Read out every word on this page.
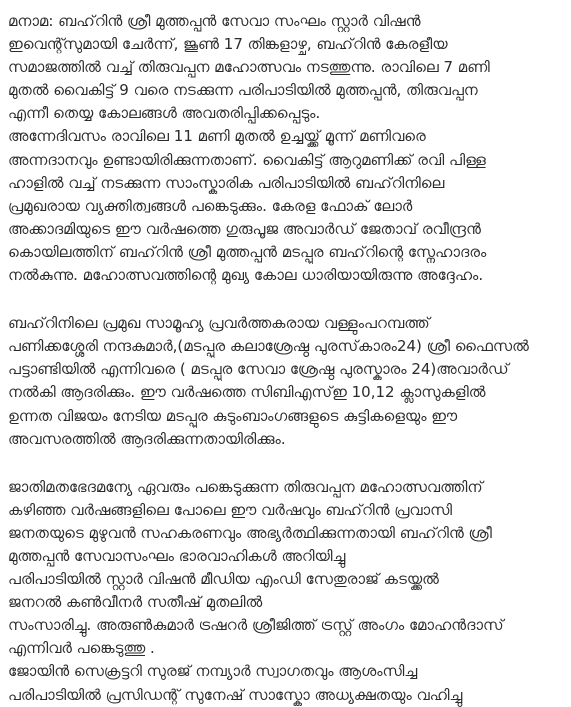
മനാമ: ബഹ്‌റിൻ ശ്രീ മുത്തപ്പൻ സേവാ സംഘം സ്റ്റാർ വിഷൻ
ഇവെന്റ്സുമായി ചേർന്ന്, ജൂൺ 17 തിങ്കളാഴ്ച, ബഹ്‌റിൻ കേരളീയ
സമാജത്തിൽ വച്ച് തിരുവപ്പന മഹോത്സവം നടത്തുന്നു. രാവിലെ 7 മണി
മുതൽ വൈകിട്ട് 9 വരെ നടക്കുന്ന പരിപാടിയിൽ മുത്തപ്പൻ, തിരുവപ്പന
എന്നീ തെയ്യ കോലങ്ങൾ അവതരിപ്പിക്കപ്പെടും.
അന്നേദിവസം രാവിലെ 11 മണി മുതൽ ഉച്ചയ്ക്ക് മൂന്ന് മണിവരെ
അന്നദാനവും ഉണ്ടായിരിക്കുന്നതാണ്. വൈകിട്ട് ആറുമണിക്ക് രവി പിള്ള
ഹാളിൽ വച്ച് നടക്കുന്ന സാംസ്കാരിക പരിപാടിയിൽ ബഹ്‌റിനിലെ
പ്രമുഖരായ വ്യക്തിത്വങ്ങൾ പങ്കെടുക്കും. കേരള ഫോക് ലോർ
അക്കാദമിയുടെ ഈ വർഷത്തെ ഗുരുപൂജ അവാർഡ് ജേതാവ് രവീന്ദ്രൻ
കൊയിലത്തിന് ബഹ്‌റിൻ ശ്രീ മുത്തപ്പൻ മടപ്പുര ബഹ്‌റിന്റെ സ്നേഹാദരം
നൽകുന്നു. മഹോത്സവത്തിന്റെ മുഖ്യ കോല ധാരിയായിരുന്നു അദ്ദേഹം.

ബഹ്‌റിനിലെ പ്രമുഖ സാമൂഹ്യ പ്രവർത്തകരായ വള്ളുംപറമ്പത്ത്
പണിക്കശ്ശേരി നന്ദകുമാർ,(മടപ്പുര കലാശ്രേഷ്ഠ പുരസ്‌കാരം24) ശ്രീ ഫൈസൽ
പട്ടാണ്ടിയിൽ എന്നിവരെ ( മടപ്പുര സേവാ ശ്രേഷ്ഠ പുരസ്കാരം 24)അവാർഡ്
നൽകി ആദരിക്കും. ഈ വർഷത്തെ സിബിഎസ്ഇ 10,12 ക്ലാസുകളിൽ
ഉന്നത വിജയം നേടിയ മടപ്പുര കുടുംബാംഗങ്ങളുടെ കുട്ടികളെയും ഈ
അവസരത്തിൽ ആദരിക്കുന്നതായിരിക്കും.

ജാതിമതഭേദമന്യേ ഏവരും പങ്കെടുക്കുന്ന തിരുവപ്പന മഹോത്സവത്തിന്
കഴിഞ്ഞ വർഷങ്ങളിലെ പോലെ ഈ വർഷവും ബഹ്‌റിൻ പ്രവാസി
ജനതയുടെ മുഴുവൻ സഹകരണവും അഭ്യർത്ഥിക്കുന്നതായി ബഹ്‌റിൻ ശ്രീ
മുത്തപ്പൻ സേവാസംഘം ഭാരവാഹികൾ അറിയിച്ചു
പരിപാടിയിൽ സ്റ്റാർ വിഷൻ മീഡിയ എംഡി സേതുരാജ് കടയ്ക്കൽ
ജനറൽ കൺവീനർ സതീഷ് മുതലിൽ
സംസാരിച്ചു. അരുൺകുമാർ ട്രഷറർ ശ്രീജിത്ത് ട്രസ്റ്റ് അംഗം മോഹൻദാസ്
എന്നിവർ പങ്കെടുത്തു .
ജോയിൻ സെക്രട്ടറി സുരജ് നമ്പ്യാർ സ്വാഗതവും ആശംസിച്ച
പരിപാടിയിൽ പ്രസിഡന്റ് സുനേഷ് സാസ്കോ അധ്യക്ഷതയും വഹിച്ചു
